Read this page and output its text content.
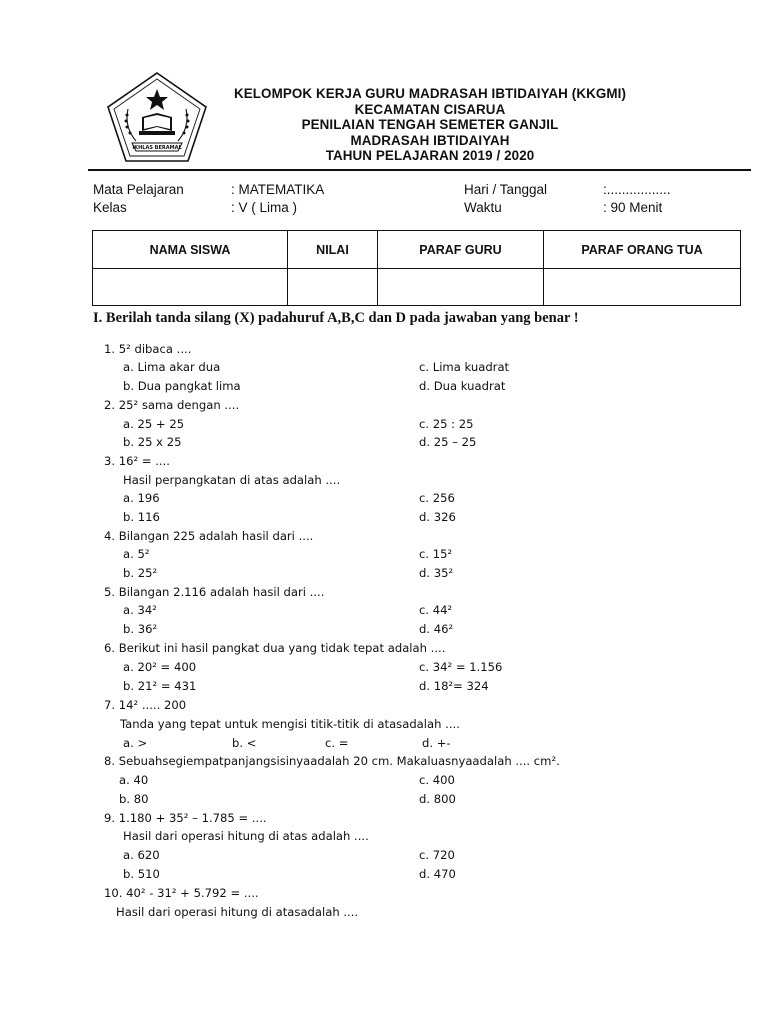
IKHLAS BERAMAL
KELOMPOK KERJA GURU MADRASAH IBTIDAIYAH (KKGMI)
KECAMATAN CISARUA
PENILAIAN TENGAH SEMETER GANJIL
MADRASAH IBTIDAIYAH
TAHUN PELAJARAN 2019 / 2020
Mata Pelajaran	: MATEMATIKA	Hari / Tanggal	:.................
Kelas	: V ( Lima )	Waktu	: 90 Menit
NAMA SISWA	NILAI	PARAF GURU	PARAF ORANG TUA

I. Berilah tanda silang (X) padahuruf A,B,C dan D pada jawaban yang benar !
1. 5² dibaca ....
a. Lima akar dua	c. Lima kuadrat
b. Dua pangkat lima	d. Dua kuadrat
2. 25² sama dengan ....
a. 25 + 25	c. 25 : 25
b. 25 x 25	d. 25 – 25
3. 16² = ....
Hasil perpangkatan di atas adalah ....
a. 196	c. 256
b. 116	d. 326
4. Bilangan 225 adalah hasil dari ....
a. 5²	c. 15²
b. 25²	d. 35²
5. Bilangan 2.116 adalah hasil dari ....
a. 34²	c. 44²
b. 36²	d. 46²
6. Berikut ini hasil pangkat dua yang tidak tepat adalah ....
a. 20² = 400	c. 34² = 1.156
b. 21² = 431	d. 18²= 324
7. 14² ..... 200
Tanda yang tepat untuk mengisi titik-titik di atasadalah ....
a. >	b. <	c. =	d. +-
8. Sebuahsegiempatpanjangsisinyaadalah 20 cm. Makaluasnyaadalah .... cm².
a. 40	c. 400
b. 80	d. 800
9. 1.180 + 35² – 1.785 = ....
Hasil dari operasi hitung di atas adalah ....
a. 620	c. 720
b. 510	d. 470
10. 40² - 31² + 5.792 = ....
Hasil dari operasi hitung di atasadalah ....
